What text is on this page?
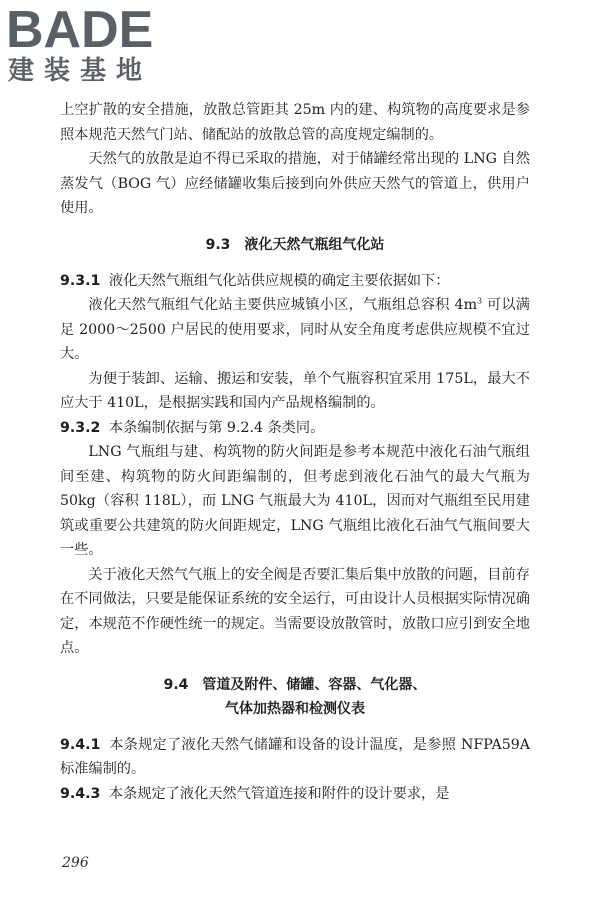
BADE
建装基地

上空扩散的安全措施，放散总管距其 25m 内的建、构筑物的高度要求是参照本规范天然气门站、储配站的放散总管的高度规定编制的。

天然气的放散是迫不得已采取的措施，对于储罐经常出现的 LNG 自然蒸发气（BOG 气）应经储罐收集后接到向外供应天然气的管道上，供用户使用。

9.3　液化天然气瓶组气化站

9.3.1 液化天然气瓶组气化站供应规模的确定主要依据如下：

液化天然气瓶组气化站主要供应城镇小区，气瓶组总容积 $4m^3$ 可以满足 2000～2500 户居民的使用要求，同时从安全角度考虑供应规模不宜过大。

为便于装卸、运输、搬运和安装，单个气瓶容积宜采用 175L，最大不应大于 410L，是根据实践和国内产品规格编制的。

9.3.2 本条编制依据与第 9.2.4 条类同。

LNG 气瓶组与建、构筑物的防火间距是参考本规范中液化石油气瓶组间至建、构筑物的防火间距编制的，但考虑到液化石油气的最大气瓶为 50kg（容积 118L），而 LNG 气瓶最大为 410L，因而对气瓶组至民用建筑或重要公共建筑的防火间距规定，LNG 气瓶组比液化石油气气瓶间要大一些。

关于液化天然气气瓶上的安全阀是否要汇集后集中放散的问题，目前存在不同做法，只要是能保证系统的安全运行，可由设计人员根据实际情况确定，本规范不作硬性统一的规定。当需要设放散管时，放散口应引到安全地点。

9.4　管道及附件、储罐、容器、气化器、
气体加热器和检测仪表

9.4.1 本条规定了液化天然气储罐和设备的设计温度，是参照 NFPA59A 标准编制的。

9.4.3 本条规定了液化天然气管道连接和附件的设计要求，是

296
